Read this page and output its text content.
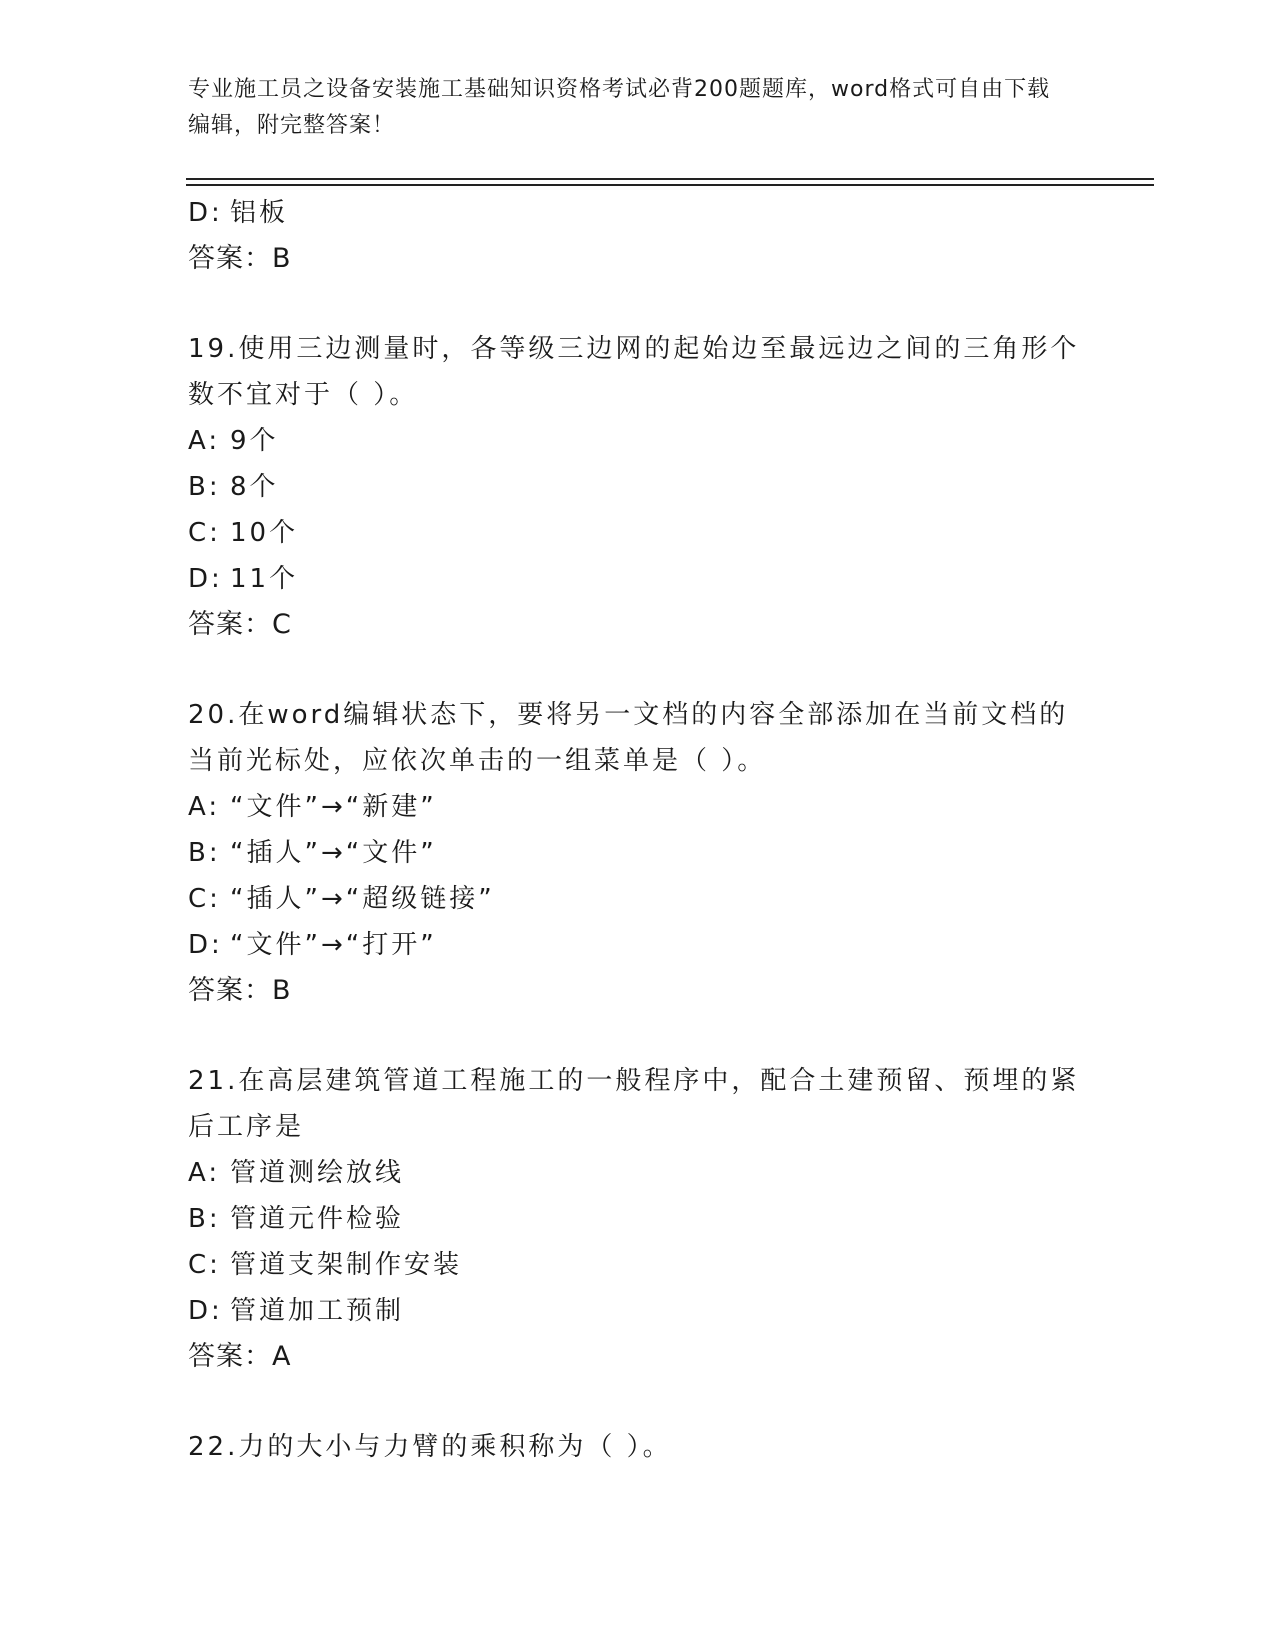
专业施工员之设备安装施工基础知识资格考试必背200题题库，word格式可自由下载编辑，附完整答案！
D: 铝板
答案：B
19.使用三边测量时，各等级三边网的起始边至最远边之间的三角形个数不宜对于（ ）。
A: 9个
B: 8个
C: 10个
D: 11个
答案：C
20.在word编辑状态下，要将另一文档的内容全部添加在当前文档的当前光标处，应依次单击的一组菜单是（ ）。
A: “文件”→“新建”
B: “插人”→“文件”
C: “插人”→“超级链接”
D: “文件”→“打开”
答案：B
21.在高层建筑管道工程施工的一般程序中，配合土建预留、预埋的紧后工序是
A: 管道测绘放线
B: 管道元件检验
C: 管道支架制作安装
D: 管道加工预制
答案：A
22.力的大小与力臂的乘积称为（ ）。
